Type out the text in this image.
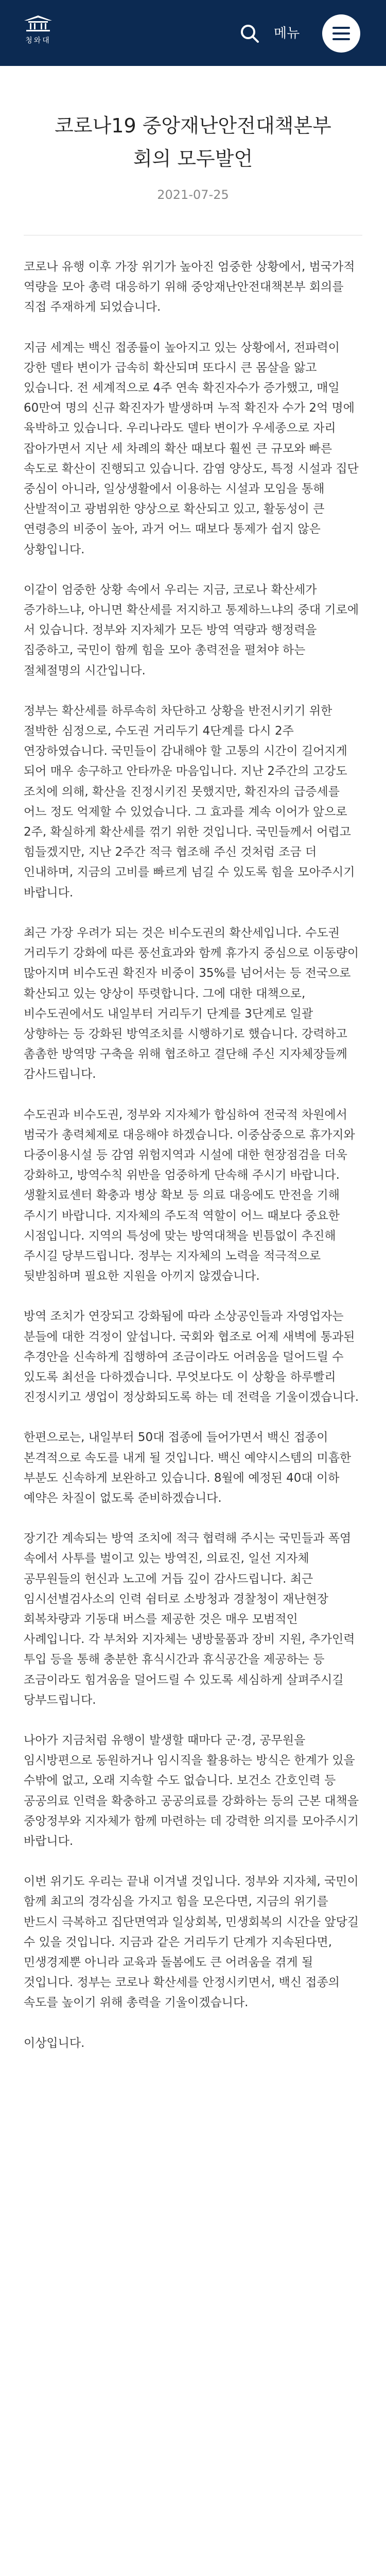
청와대	메뉴
코로나19 중앙재난안전대책본부 회의 모두발언
2021-07-25

코로나 유행 이후 가장 위기가 높아진 엄중한 상황에서, 범국가적 역량을 모아 총력 대응하기 위해 중앙재난안전대책본부 회의를 직접 주재하게 되었습니다.

지금 세계는 백신 접종률이 높아지고 있는 상황에서, 전파력이 강한 델타 변이가 급속히 확산되며 또다시 큰 몸살을 앓고 있습니다. 전 세계적으로 4주 연속 확진자수가 증가했고, 매일 60만여 명의 신규 확진자가 발생하며 누적 확진자 수가 2억 명에 육박하고 있습니다. 우리나라도 델타 변이가 우세종으로 자리 잡아가면서 지난 세 차례의 확산 때보다 훨씬 큰 규모와 빠른 속도로 확산이 진행되고 있습니다. 감염 양상도, 특정 시설과 집단 중심이 아니라, 일상생활에서 이용하는 시설과 모임을 통해 산발적이고 광범위한 양상으로 확산되고 있고, 활동성이 큰 연령층의 비중이 높아, 과거 어느 때보다 통제가 쉽지 않은 상황입니다.

이같이 엄중한 상황 속에서 우리는 지금, 코로나 확산세가 증가하느냐, 아니면 확산세를 저지하고 통제하느냐의 중대 기로에 서 있습니다. 정부와 지자체가 모든 방역 역량과 행정력을 집중하고, 국민이 함께 힘을 모아 총력전을 펼쳐야 하는 절체절명의 시간입니다.

정부는 확산세를 하루속히 차단하고 상황을 반전시키기 위한 절박한 심정으로, 수도권 거리두기 4단계를 다시 2주 연장하였습니다. 국민들이 감내해야 할 고통의 시간이 길어지게 되어 매우 송구하고 안타까운 마음입니다. 지난 2주간의 고강도 조치에 의해, 확산을 진정시키진 못했지만, 확진자의 급증세를 어느 정도 억제할 수 있었습니다. 그 효과를 계속 이어가 앞으로 2주, 확실하게 확산세를 꺾기 위한 것입니다. 국민들께서 어렵고 힘들겠지만, 지난 2주간 적극 협조해 주신 것처럼 조금 더 인내하며, 지금의 고비를 빠르게 넘길 수 있도록 힘을 모아주시기 바랍니다.

최근 가장 우려가 되는 것은 비수도권의 확산세입니다. 수도권 거리두기 강화에 따른 풍선효과와 함께 휴가지 중심으로 이동량이 많아지며 비수도권 확진자 비중이 35%를 넘어서는 등 전국으로 확산되고 있는 양상이 뚜렷합니다. 그에 대한 대책으로, 비수도권에서도 내일부터 거리두기 단계를 3단계로 일괄 상향하는 등 강화된 방역조치를 시행하기로 했습니다. 강력하고 촘촘한 방역망 구축을 위해 협조하고 결단해 주신 지자체장들께 감사드립니다.

수도권과 비수도권, 정부와 지자체가 합심하여 전국적 차원에서 범국가 총력체제로 대응해야 하겠습니다. 이중삼중으로 휴가지와 다중이용시설 등 감염 위험지역과 시설에 대한 현장점검을 더욱 강화하고, 방역수칙 위반을 엄중하게 단속해 주시기 바랍니다. 생활치료센터 확충과 병상 확보 등 의료 대응에도 만전을 기해 주시기 바랍니다. 지자체의 주도적 역할이 어느 때보다 중요한 시점입니다. 지역의 특성에 맞는 방역대책을 빈틈없이 추진해 주시길 당부드립니다. 정부는 지자체의 노력을 적극적으로 뒷받침하며 필요한 지원을 아끼지 않겠습니다.

방역 조치가 연장되고 강화됨에 따라 소상공인들과 자영업자는 분들에 대한 걱정이 앞섭니다. 국회와 협조로 어제 새벽에 통과된 추경안을 신속하게 집행하여 조금이라도 어려움을 덜어드릴 수 있도록 최선을 다하겠습니다. 무엇보다도 이 상황을 하루빨리 진정시키고 생업이 정상화되도록 하는 데 전력을 기울이겠습니다.

한편으로는, 내일부터 50대 접종에 들어가면서 백신 접종이 본격적으로 속도를 내게 될 것입니다. 백신 예약시스템의 미흡한 부분도 신속하게 보완하고 있습니다. 8월에 예정된 40대 이하 예약은 차질이 없도록 준비하겠습니다.

장기간 계속되는 방역 조치에 적극 협력해 주시는 국민들과 폭염 속에서 사투를 벌이고 있는 방역진, 의료진, 일선 지자체 공무원들의 헌신과 노고에 거듭 깊이 감사드립니다. 최근 임시선별검사소의 인력 쉼터로 소방청과 경찰청이 재난현장 회복차량과 기동대 버스를 제공한 것은 매우 모범적인 사례입니다. 각 부처와 지자체는 냉방물품과 장비 지원, 추가인력 투입 등을 통해 충분한 휴식시간과 휴식공간을 제공하는 등 조금이라도 힘겨움을 덜어드릴 수 있도록 세심하게 살펴주시길 당부드립니다.

나아가 지금처럼 유행이 발생할 때마다 군·경, 공무원을 임시방편으로 동원하거나 임시직을 활용하는 방식은 한계가 있을 수밖에 없고, 오래 지속할 수도 없습니다. 보건소 간호인력 등 공공의료 인력을 확충하고 공공의료를 강화하는 등의 근본 대책을 중앙정부와 지자체가 함께 마련하는 데 강력한 의지를 모아주시기 바랍니다.

이번 위기도 우리는 끝내 이겨낼 것입니다. 정부와 지자체, 국민이 함께 최고의 경각심을 가지고 힘을 모은다면, 지금의 위기를 반드시 극복하고 집단면역과 일상회복, 민생회복의 시간을 앞당길 수 있을 것입니다. 지금과 같은 거리두기 단계가 지속된다면, 민생경제뿐 아니라 교육과 돌봄에도 큰 어려움을 겪게 될 것입니다. 정부는 코로나 확산세를 안정시키면서, 백신 접종의 속도를 높이기 위해 총력을 기울이겠습니다.

이상입니다.
